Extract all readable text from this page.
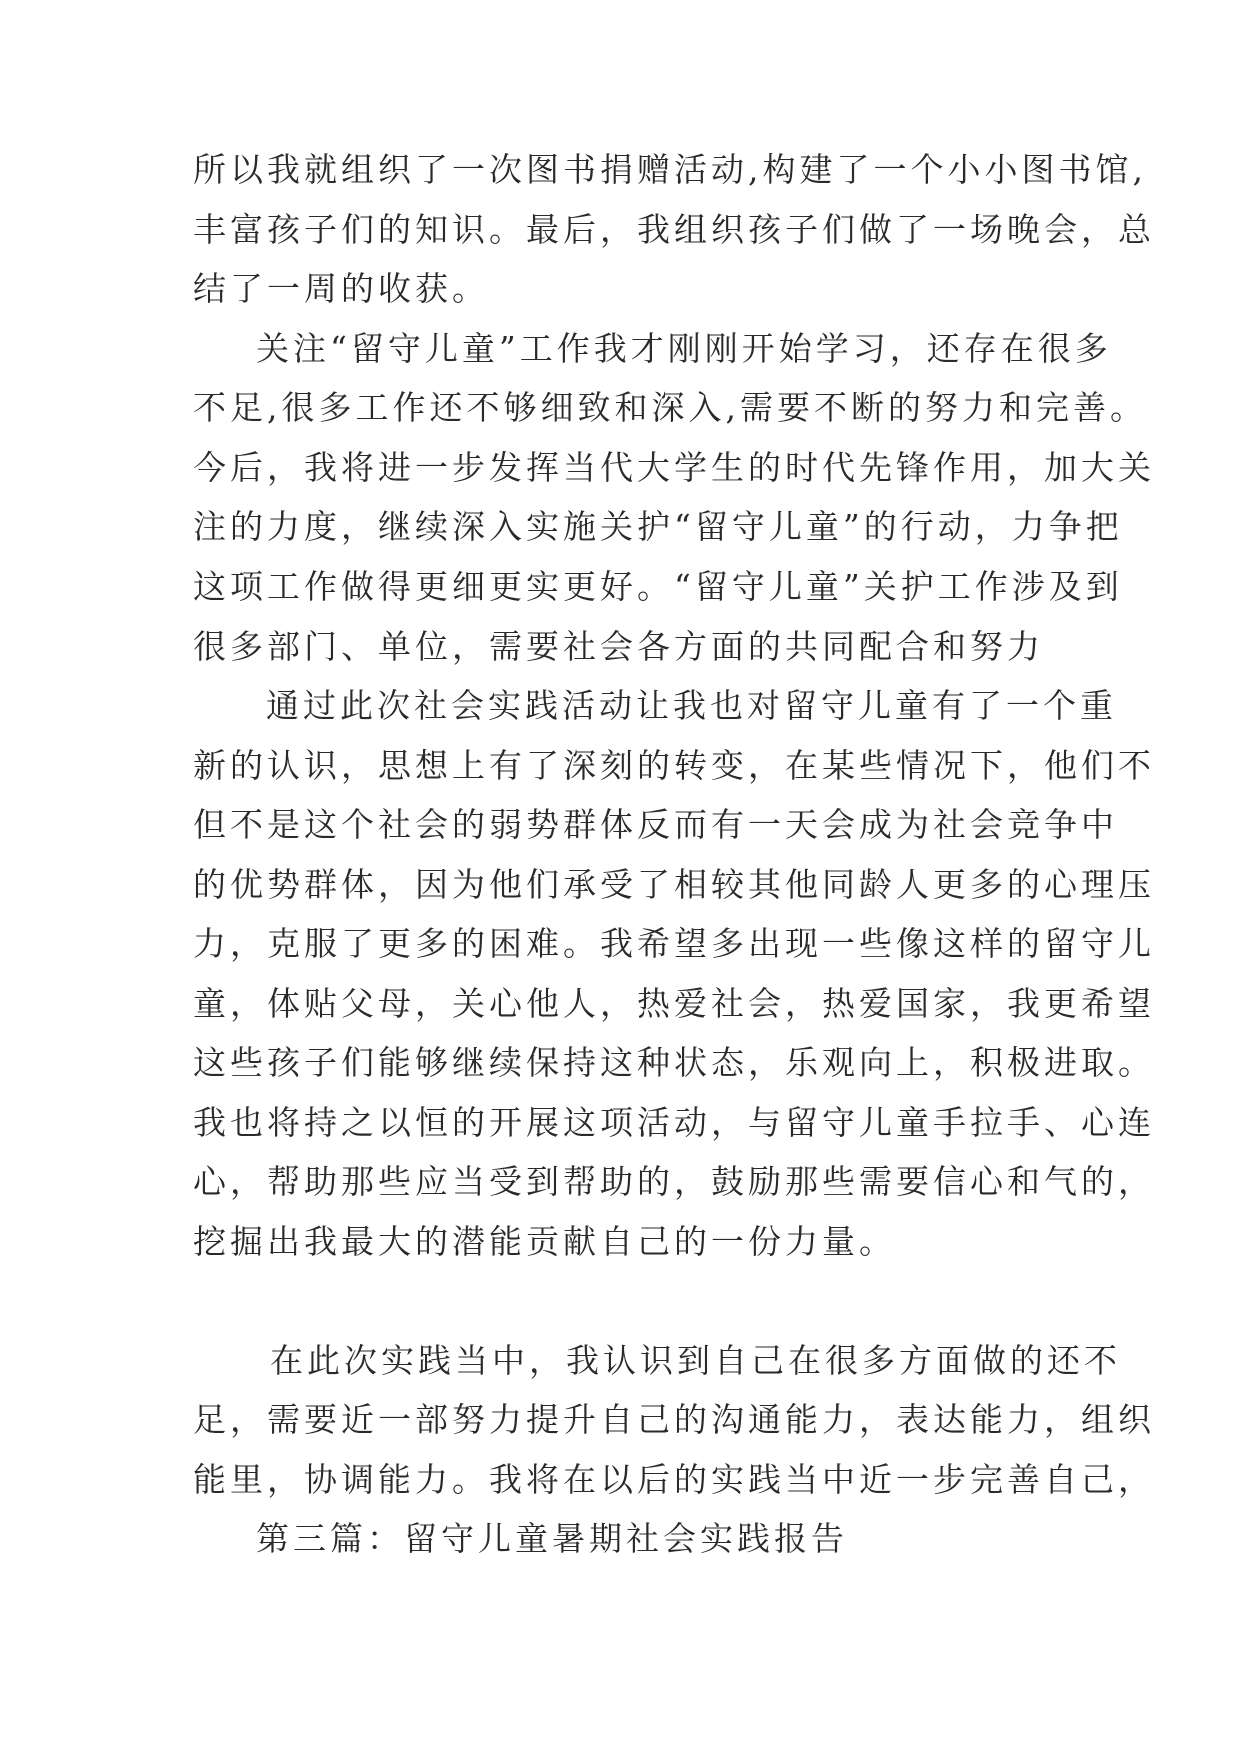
所以我就组织了一次图书捐赠活动,构建了一个小小图书馆,
丰富孩子们的知识。最后，我组织孩子们做了一场晚会，总
结了一周的收获。
关注“留守儿童”工作我才刚刚开始学习，还存在很多
不足,很多工作还不够细致和深入,需要不断的努力和完善。
今后，我将进一步发挥当代大学生的时代先锋作用，加大关
注的力度，继续深入实施关护“留守儿童”的行动，力争把
这项工作做得更细更实更好。“留守儿童”关护工作涉及到
很多部门、单位，需要社会各方面的共同配合和努力
通过此次社会实践活动让我也对留守儿童有了一个重
新的认识，思想上有了深刻的转变，在某些情况下，他们不
但不是这个社会的弱势群体反而有一天会成为社会竞争中
的优势群体，因为他们承受了相较其他同龄人更多的心理压
力，克服了更多的困难。我希望多出现一些像这样的留守儿
童，体贴父母，关心他人，热爱社会，热爱国家，我更希望
这些孩子们能够继续保持这种状态，乐观向上，积极进取。
我也将持之以恒的开展这项活动，与留守儿童手拉手、心连
心，帮助那些应当受到帮助的，鼓励那些需要信心和气的，
挖掘出我最大的潜能贡献自己的一份力量。
在此次实践当中，我认识到自己在很多方面做的还不
足，需要近一部努力提升自己的沟通能力，表达能力，组织
能里，协调能力。我将在以后的实践当中近一步完善自己，
第三篇：留守儿童暑期社会实践报告
